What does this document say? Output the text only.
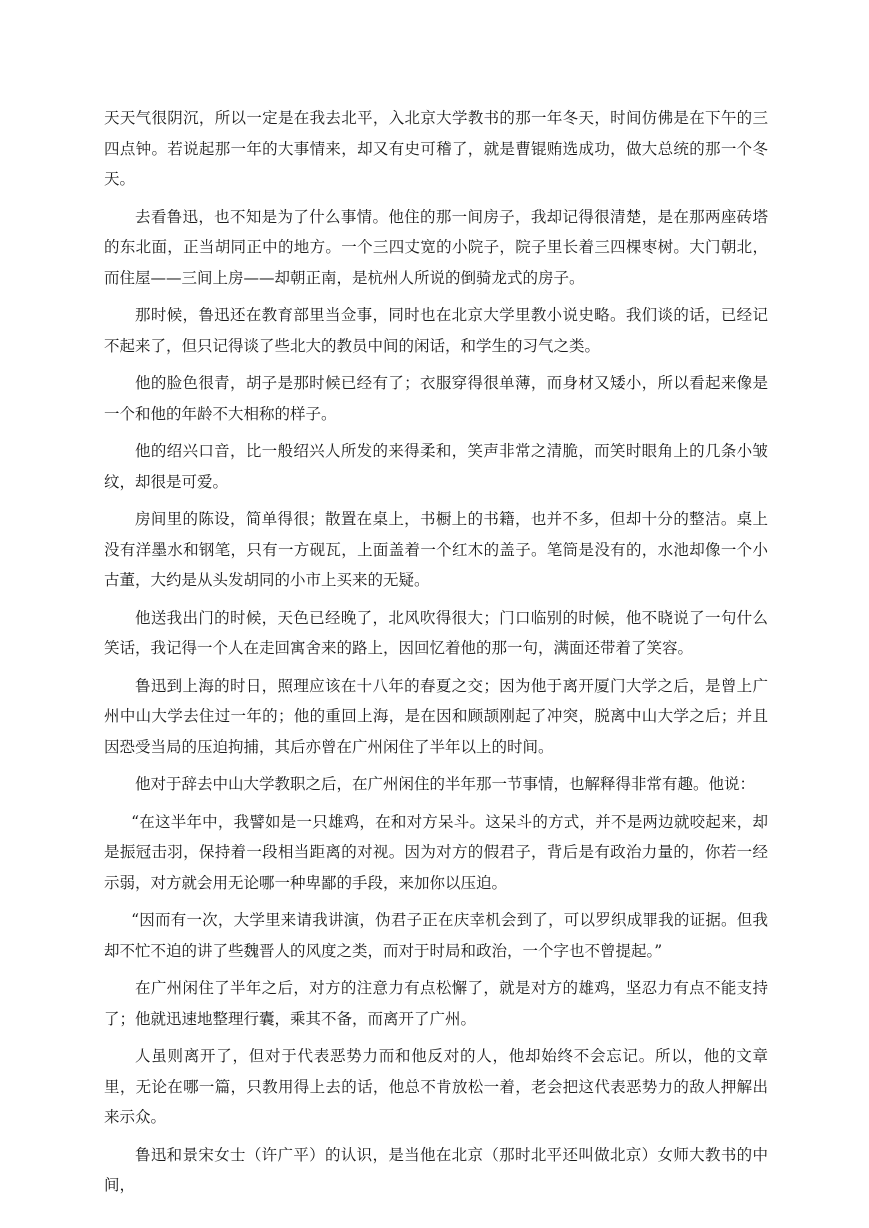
天天气很阴沉，所以一定是在我去北平，入北京大学教书的那一年冬天，时间仿佛是在下午的三四点钟。若说起那一年的大事情来，却又有史可稽了，就是曹锟贿选成功，做大总统的那一个冬天。

去看鲁迅，也不知是为了什么事情。他住的那一间房子，我却记得很清楚，是在那两座砖塔的东北面，正当胡同正中的地方。一个三四丈宽的小院子，院子里长着三四棵枣树。大门朝北，而住屋——三间上房——却朝正南，是杭州人所说的倒骑龙式的房子。

那时候，鲁迅还在教育部里当佥事，同时也在北京大学里教小说史略。我们谈的话，已经记不起来了，但只记得谈了些北大的教员中间的闲话，和学生的习气之类。

他的脸色很青，胡子是那时候已经有了；衣服穿得很单薄，而身材又矮小，所以看起来像是一个和他的年龄不大相称的样子。

他的绍兴口音，比一般绍兴人所发的来得柔和，笑声非常之清脆，而笑时眼角上的几条小皱纹，却很是可爱。

房间里的陈设，简单得很；散置在桌上，书橱上的书籍，也并不多，但却十分的整洁。桌上没有洋墨水和钢笔，只有一方砚瓦，上面盖着一个红木的盖子。笔筒是没有的，水池却像一个小古董，大约是从头发胡同的小市上买来的无疑。

他送我出门的时候，天色已经晚了，北风吹得很大；门口临别的时候，他不晓说了一句什么笑话，我记得一个人在走回寓舍来的路上，因回忆着他的那一句，满面还带着了笑容。

鲁迅到上海的时日，照理应该在十八年的春夏之交；因为他于离开厦门大学之后，是曾上广州中山大学去住过一年的；他的重回上海，是在因和顾颉刚起了冲突，脱离中山大学之后；并且因恐受当局的压迫拘捕，其后亦曾在广州闲住了半年以上的时间。

他对于辞去中山大学教职之后，在广州闲住的半年那一节事情，也解释得非常有趣。他说：

“在这半年中，我譬如是一只雄鸡，在和对方呆斗。这呆斗的方式，并不是两边就咬起来，却是振冠击羽，保持着一段相当距离的对视。因为对方的假君子，背后是有政治力量的，你若一经示弱，对方就会用无论哪一种卑鄙的手段，来加你以压迫。

“因而有一次，大学里来请我讲演，伪君子正在庆幸机会到了，可以罗织成罪我的证据。但我却不忙不迫的讲了些魏晋人的风度之类，而对于时局和政治，一个字也不曾提起。”

在广州闲住了半年之后，对方的注意力有点松懈了，就是对方的雄鸡，坚忍力有点不能支持了；他就迅速地整理行囊，乘其不备，而离开了广州。

人虽则离开了，但对于代表恶势力而和他反对的人，他却始终不会忘记。所以，他的文章里，无论在哪一篇，只教用得上去的话，他总不肯放松一着，老会把这代表恶势力的敌人押解出来示众。

鲁迅和景宋女士（许广平）的认识，是当他在北京（那时北平还叫做北京）女师大教书的中间，
